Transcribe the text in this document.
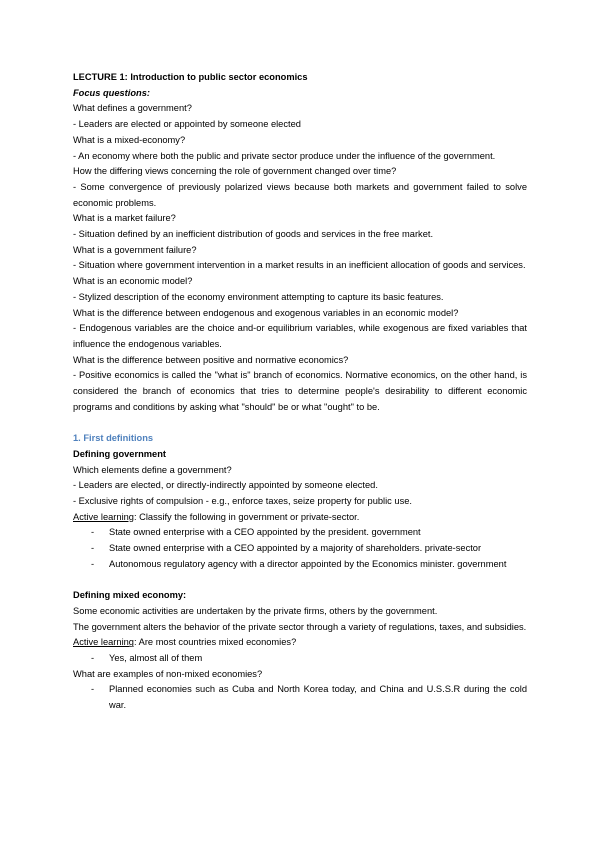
LECTURE 1: Introduction to public sector economics
Focus questions:
What defines a government?
- Leaders are elected or appointed by someone elected
What is a mixed-economy?
- An economy where both the public and private sector produce under the influence of the government.
How the differing views concerning the role of government changed over time?
- Some convergence of previously polarized views because both markets and government failed to solve economic problems.
What is a market failure?
- Situation defined by an inefficient distribution of goods and services in the free market.
What is a government failure?
- Situation where government intervention in a market results in an inefficient allocation of goods and services.
What is an economic model?
- Stylized description of the economy environment attempting to capture its basic features.
What is the difference between endogenous and exogenous variables in an economic model?
- Endogenous variables are the choice and-or equilibrium variables, while exogenous are fixed variables that influence the endogenous variables.
What is the difference between positive and normative economics?
- Positive economics is called the "what is" branch of economics. Normative economics, on the other hand, is considered the branch of economics that tries to determine people's desirability to different economic programs and conditions by asking what "should" be or what "ought" to be.
1. First definitions
Defining government
Which elements define a government?
- Leaders are elected, or directly-indirectly appointed by someone elected.
- Exclusive rights of compulsion - e.g., enforce taxes, seize property for public use.
Active learning: Classify the following in government or private-sector.
-	State owned enterprise with a CEO appointed by the president. government
-	State owned enterprise with a CEO appointed by a majority of shareholders. private-sector
-	Autonomous regulatory agency with a director appointed by the Economics minister. government
Defining mixed economy:
Some economic activities are undertaken by the private firms, others by the government.
The government alters the behavior of the private sector through a variety of regulations, taxes, and subsidies.
Active learning: Are most countries mixed economies?
-	Yes, almost all of them
What are examples of non-mixed economies?
-	Planned economies such as Cuba and North Korea today, and China and U.S.S.R during the cold war.
